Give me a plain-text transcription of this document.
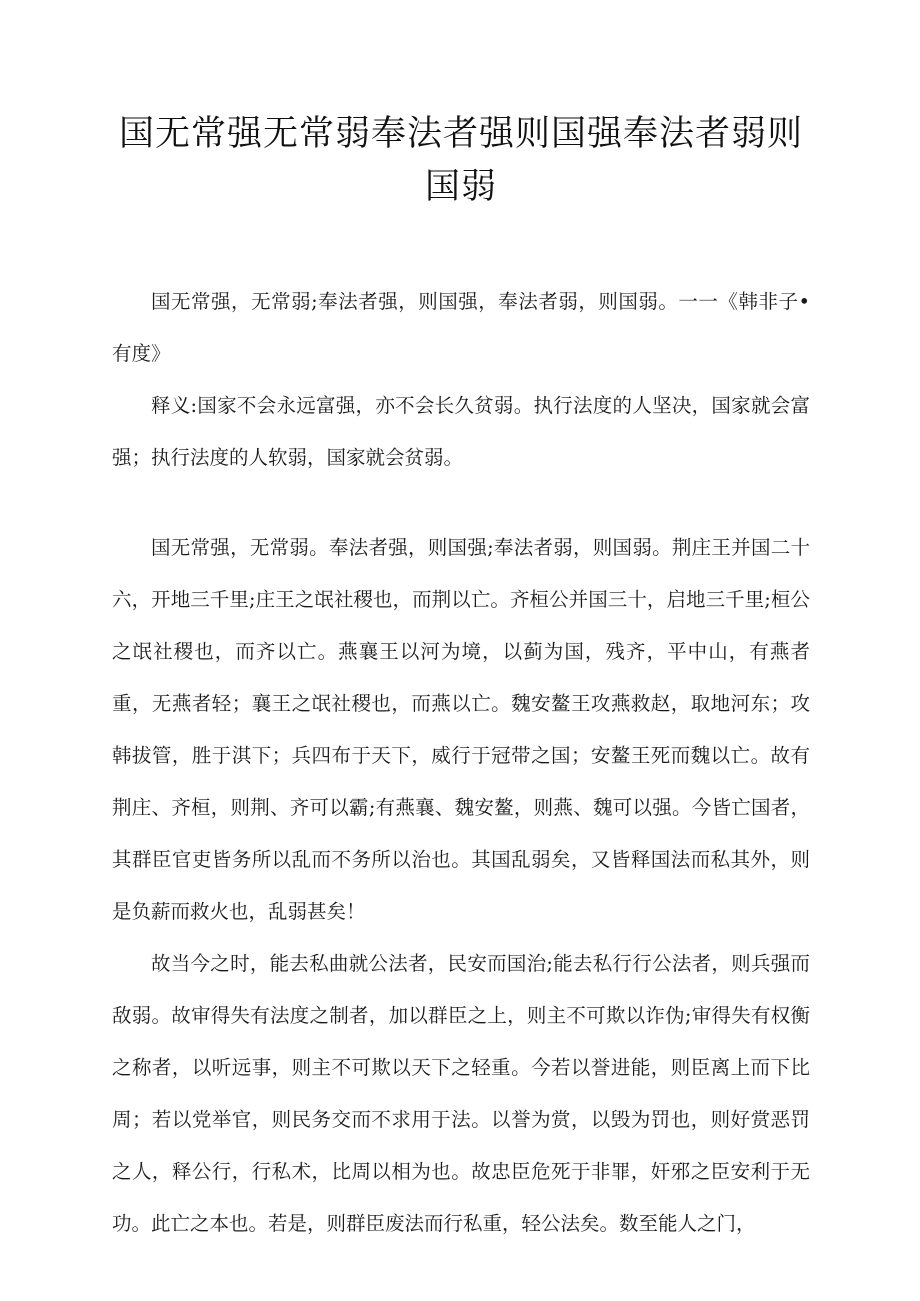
国无常强无常弱奉法者强则国强奉法者弱则国弱

国无常强，无常弱;奉法者强，则国强，奉法者弱，则国弱。一一《韩非子•有度》

释义:国家不会永远富强，亦不会长久贫弱。执行法度的人坚决，国家就会富强；执行法度的人软弱，国家就会贫弱。

国无常强，无常弱。奉法者强，则国强;奉法者弱，则国弱。荆庄王并国二十六，开地三千里;庄王之氓社稷也，而荆以亡。齐桓公并国三十，启地三千里;桓公之氓社稷也，而齐以亡。燕襄王以河为境，以蓟为国，残齐，平中山，有燕者重，无燕者轻；襄王之氓社稷也，而燕以亡。魏安鳌王攻燕救赵，取地河东；攻韩拔管，胜于淇下；兵四布于天下，威行于冠带之国；安鳌王死而魏以亡。故有荆庄、齐桓，则荆、齐可以霸;有燕襄、魏安鳌，则燕、魏可以强。今皆亡国者，其群臣官吏皆务所以乱而不务所以治也。其国乱弱矣，又皆释国法而私其外，则是负薪而救火也，乱弱甚矣！

故当今之时，能去私曲就公法者，民安而国治;能去私行行公法者，则兵强而敌弱。故审得失有法度之制者，加以群臣之上，则主不可欺以诈伪;审得失有权衡之称者，以听远事，则主不可欺以天下之轻重。今若以誉进能，则臣离上而下比周；若以党举官，则民务交而不求用于法。以誉为赏，以毁为罚也，则好赏恶罚之人，释公行，行私术，比周以相为也。故忠臣危死于非罪，奸邪之臣安利于无功。此亡之本也。若是，则群臣废法而行私重，轻公法矣。数至能人之门，
